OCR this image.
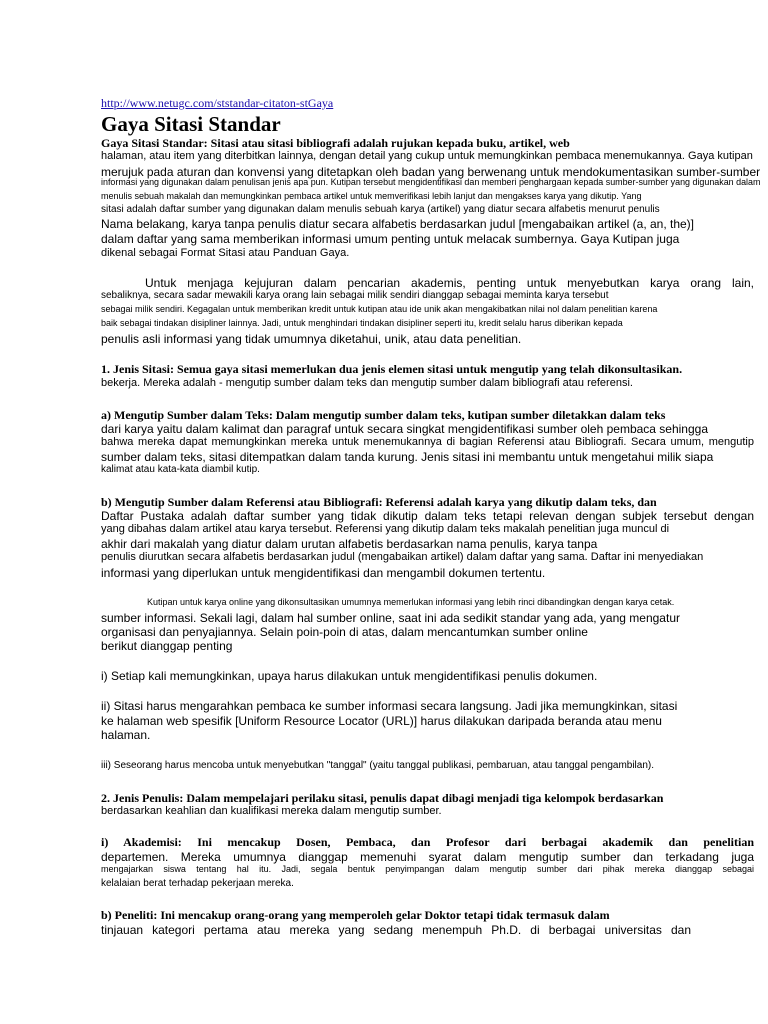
http://www.netugc.com/ststandar-citaton-stGaya
Gaya Sitasi Standar
Gaya Sitasi Standar: Sitasi atau sitasi bibliografi adalah rujukan kepada buku, artikel, web
halaman, atau item yang diterbitkan lainnya, dengan detail yang cukup untuk memungkinkan pembaca menemukannya. Gaya kutipan
merujuk pada aturan dan konvensi yang ditetapkan oleh badan yang berwenang untuk mendokumentasikan sumber-sumber
informasi yang digunakan dalam penulisan jenis apa pun. Kutipan tersebut mengidentifikasi dan memberi penghargaan kepada sumber-sumber yang digunakan dalam
menulis sebuah makalah dan memungkinkan pembaca artikel untuk memverifikasi lebih lanjut dan mengakses karya yang dikutip. Yang
sitasi adalah daftar sumber yang digunakan dalam menulis sebuah karya (artikel) yang diatur secara alfabetis menurut penulis
Nama belakang, karya tanpa penulis diatur secara alfabetis berdasarkan judul [mengabaikan artikel (a, an, the)]
dalam daftar yang sama memberikan informasi umum penting untuk melacak sumbernya. Gaya Kutipan juga
dikenal sebagai Format Sitasi atau Panduan Gaya.
Untuk menjaga kejujuran dalam pencarian akademis, penting untuk menyebutkan karya orang lain,
sebaliknya, secara sadar mewakili karya orang lain sebagai milik sendiri dianggap sebagai meminta karya tersebut
sebagai milik sendiri. Kegagalan untuk memberikan kredit untuk kutipan atau ide unik akan mengakibatkan nilai nol dalam penelitian karena
baik sebagai tindakan disipliner lainnya. Jadi, untuk menghindari tindakan disipliner seperti itu, kredit selalu harus diberikan kepada
penulis asli informasi yang tidak umumnya diketahui, unik, atau data penelitian.
1. Jenis Sitasi: Semua gaya sitasi memerlukan dua jenis elemen sitasi untuk mengutip yang telah dikonsultasikan.
bekerja. Mereka adalah - mengutip sumber dalam teks dan mengutip sumber dalam bibliografi atau referensi.
a) Mengutip Sumber dalam Teks: Dalam mengutip sumber dalam teks, kutipan sumber diletakkan dalam teks
dari karya yaitu dalam kalimat dan paragraf untuk secara singkat mengidentifikasi sumber oleh pembaca sehingga
bahwa mereka dapat memungkinkan mereka untuk menemukannya di bagian Referensi atau Bibliografi. Secara umum, mengutip
sumber dalam teks, sitasi ditempatkan dalam tanda kurung. Jenis sitasi ini membantu untuk mengetahui milik siapa
kalimat atau kata-kata diambil kutip.
b) Mengutip Sumber dalam Referensi atau Bibliografi: Referensi adalah karya yang dikutip dalam teks, dan
Daftar Pustaka adalah daftar sumber yang tidak dikutip dalam teks tetapi relevan dengan subjek tersebut dengan
yang dibahas dalam artikel atau karya tersebut. Referensi yang dikutip dalam teks makalah penelitian juga muncul di
akhir dari makalah yang diatur dalam urutan alfabetis berdasarkan nama penulis, karya tanpa
penulis diurutkan secara alfabetis berdasarkan judul (mengabaikan artikel) dalam daftar yang sama. Daftar ini menyediakan
informasi yang diperlukan untuk mengidentifikasi dan mengambil dokumen tertentu.
Kutipan untuk karya online yang dikonsultasikan umumnya memerlukan informasi yang lebih rinci dibandingkan dengan karya cetak.
sumber informasi. Sekali lagi, dalam hal sumber online, saat ini ada sedikit standar yang ada, yang mengatur
organisasi dan penyajiannya. Selain poin-poin di atas, dalam mencantumkan sumber online
berikut dianggap penting
i) Setiap kali memungkinkan, upaya harus dilakukan untuk mengidentifikasi penulis dokumen.
ii) Sitasi harus mengarahkan pembaca ke sumber informasi secara langsung. Jadi jika memungkinkan, sitasi
ke halaman web spesifik [Uniform Resource Locator (URL)] harus dilakukan daripada beranda atau menu
halaman.
iii) Seseorang harus mencoba untuk menyebutkan "tanggal" (yaitu tanggal publikasi, pembaruan, atau tanggal pengambilan).
2. Jenis Penulis: Dalam mempelajari perilaku sitasi, penulis dapat dibagi menjadi tiga kelompok berdasarkan
berdasarkan keahlian dan kualifikasi mereka dalam mengutip sumber.
i) Akademisi: Ini mencakup Dosen, Pembaca, dan Profesor dari berbagai akademik dan penelitian
departemen. Mereka umumnya dianggap memenuhi syarat dalam mengutip sumber dan terkadang juga
mengajarkan siswa tentang hal itu. Jadi, segala bentuk penyimpangan dalam mengutip sumber dari pihak mereka dianggap sebagai
kelalaian berat terhadap pekerjaan mereka.
b) Peneliti: Ini mencakup orang-orang yang memperoleh gelar Doktor tetapi tidak termasuk dalam
tinjauan kategori pertama atau mereka yang sedang menempuh Ph.D. di berbagai universitas dan
